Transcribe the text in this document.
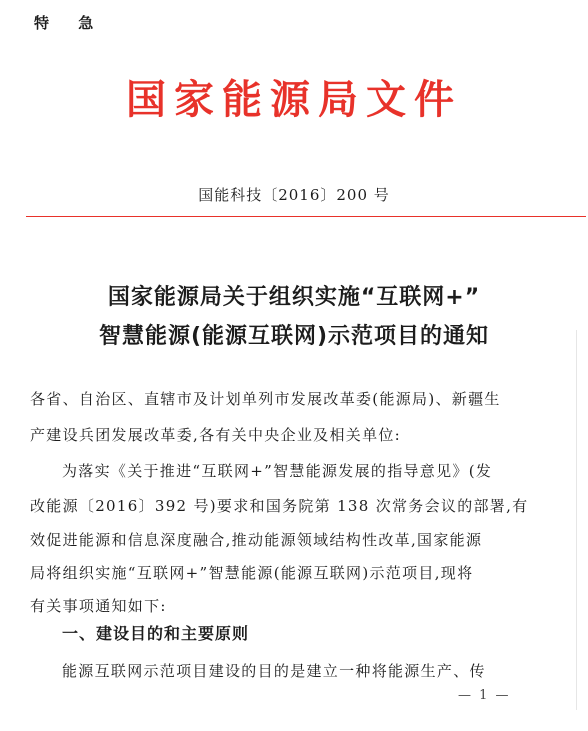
特 急
国家能源局文件
国能科技〔2016〕200 号
国家能源局关于组织实施“互联网+”
智慧能源(能源互联网)示范项目的通知
各省、自治区、直辖市及计划单列市发展改革委(能源局)、新疆生
产建设兵团发展改革委,各有关中央企业及相关单位:
为落实《关于推进“互联网+”智慧能源发展的指导意见》(发
改能源〔2016〕392 号)要求和国务院第 138 次常务会议的部署,有
效促进能源和信息深度融合,推动能源领域结构性改革,国家能源
局将组织实施“互联网+”智慧能源(能源互联网)示范项目,现将
有关事项通知如下:
一、建设目的和主要原则
能源互联网示范项目建设的目的是建立一种将能源生产、传
— 1 —
